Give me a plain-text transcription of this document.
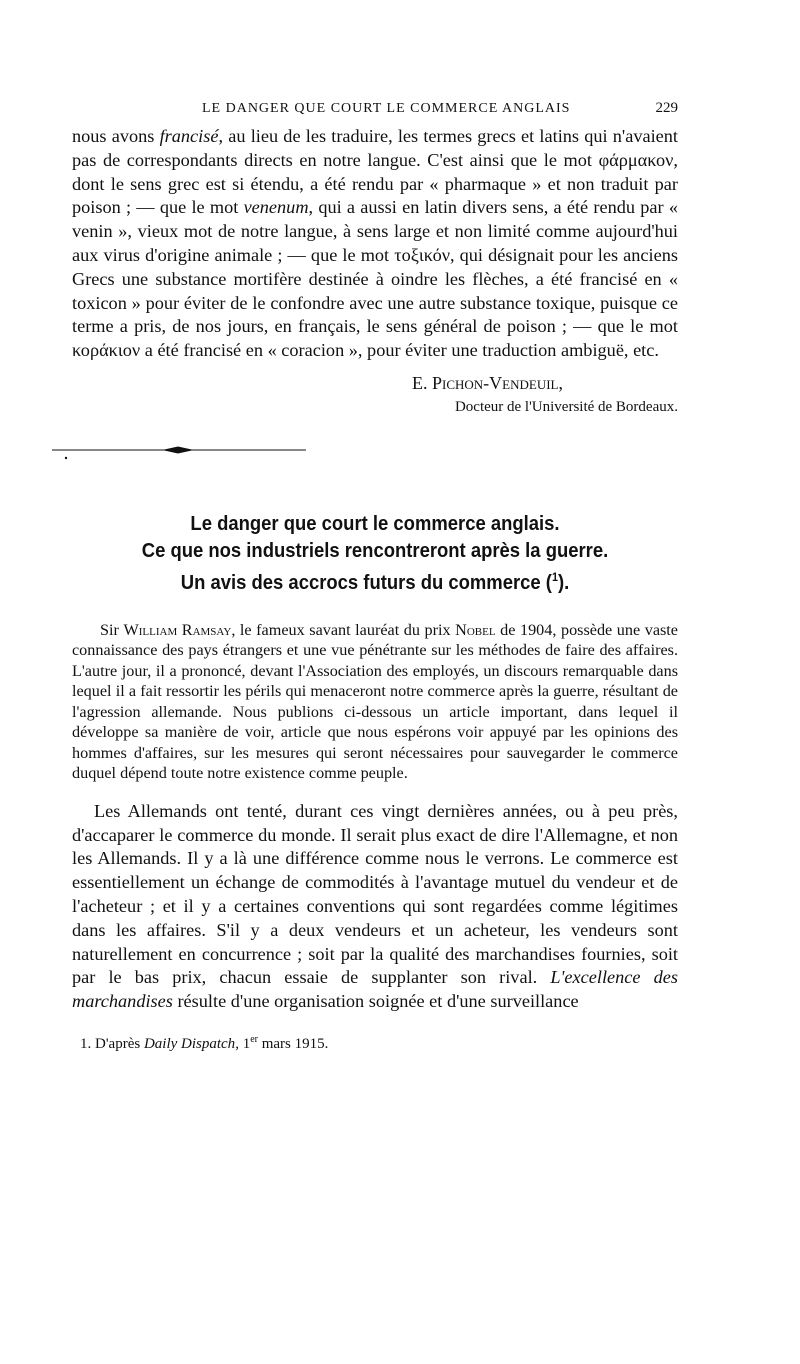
LE DANGER QUE COURT LE COMMERCE ANGLAIS	229

nous avons francisé, au lieu de les traduire, les termes grecs et latins qui n'avaient pas de correspondants directs en notre langue. C'est ainsi que le mot φάρμακον, dont le sens grec est si étendu, a été rendu par « pharmaque » et non traduit par poison ; — que le mot venenum, qui a aussi en latin divers sens, a été rendu par « venin », vieux mot de notre langue, à sens large et non limité comme aujourd'hui aux virus d'origine animale ; — que le mot τοξικόν, qui désignait pour les anciens Grecs une substance mortifère destinée à oindre les flèches, a été francisé en « toxicon » pour éviter de le confondre avec une autre substance toxique, puisque ce terme a pris, de nos jours, en français, le sens général de poison ; — que le mot κοράκιον a été francisé en « coracion », pour éviter une traduction ambiguë, etc.

E. Pichon-Vendeuil,
Docteur de l'Université de Bordeaux.
Le danger que court le commerce anglais.
Ce que nos industriels rencontreront après la guerre.
Un avis des accrocs futurs du commerce ($^1$).

Sir William Ramsay, le fameux savant lauréat du prix Nobel de 1904, possède une vaste connaissance des pays étrangers et une vue pénétrante sur les méthodes de faire des affaires. L'autre jour, il a prononcé, devant l'Association des employés, un discours remarquable dans lequel il a fait ressortir les périls qui menaceront notre commerce après la guerre, résultant de l'agression allemande. Nous publions ci-dessous un article important, dans lequel il développe sa manière de voir, article que nous espérons voir appuyé par les opinions des hommes d'affaires, sur les mesures qui seront nécessaires pour sauvegarder le commerce duquel dépend toute notre existence comme peuple.

Les Allemands ont tenté, durant ces vingt dernières années, ou à peu près, d'accaparer le commerce du monde. Il serait plus exact de dire l'Allemagne, et non les Allemands. Il y a là une différence comme nous le verrons. Le commerce est essentiellement un échange de commodités à l'avantage mutuel du vendeur et de l'acheteur ; et il y a certaines conventions qui sont regardées comme légitimes dans les affaires. S'il y a deux vendeurs et un acheteur, les vendeurs sont naturellement en concurrence ; soit par la qualité des marchandises fournies, soit par le bas prix, chacun essaie de supplanter son rival. L'excellence des marchandises résulte d'une organisation soignée et d'une surveillance

1. D'après Daily Dispatch, 1er mars 1915.
